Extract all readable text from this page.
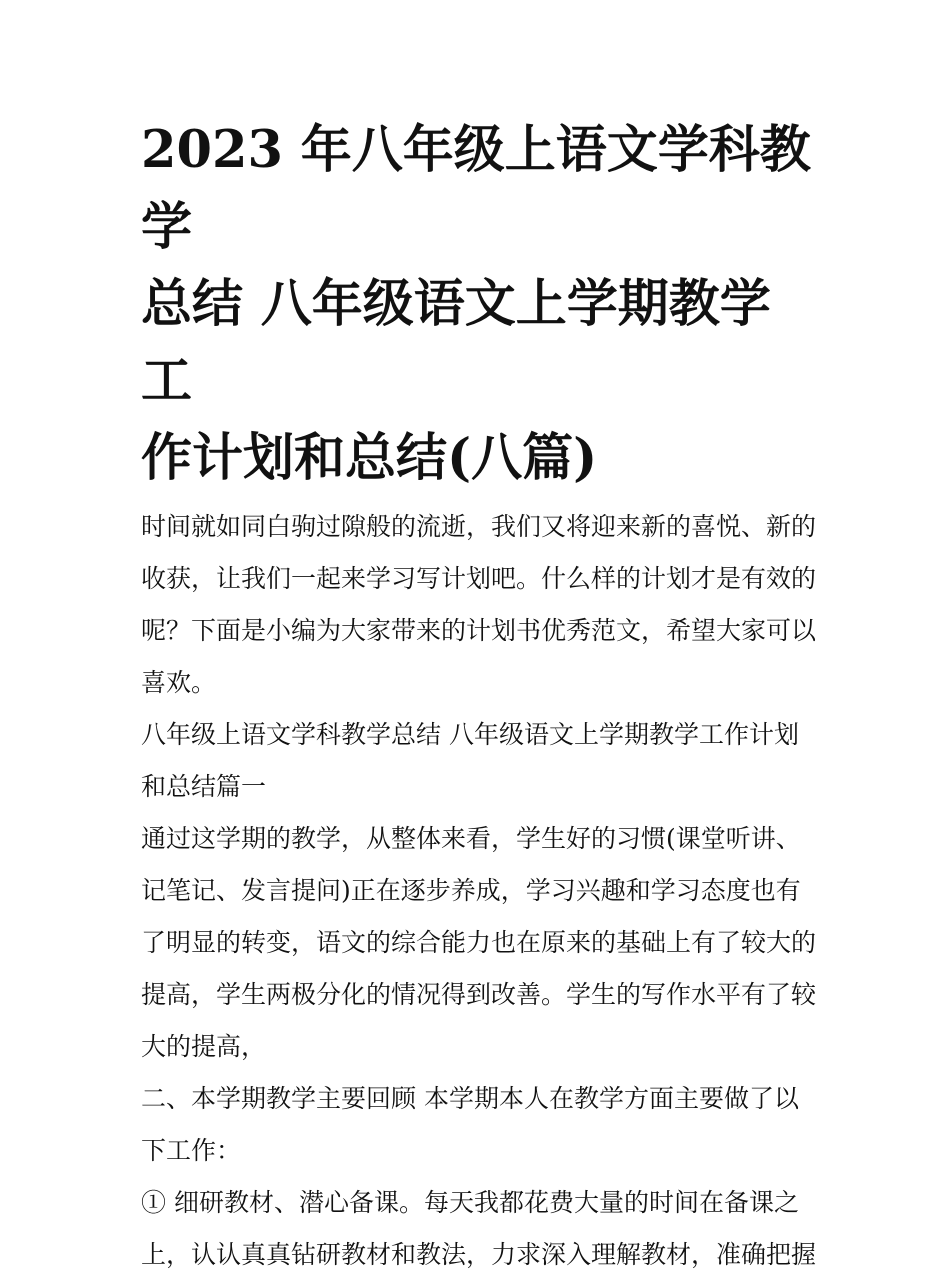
2023 年八年级上语文学科教学
总结 八年级语文上学期教学工
作计划和总结(八篇)
时间就如同白驹过隙般的流逝，我们又将迎来新的喜悦、新的
收获，让我们一起来学习写计划吧。什么样的计划才是有效的
呢？下面是小编为大家带来的计划书优秀范文，希望大家可以
喜欢。
八年级上语文学科教学总结 八年级语文上学期教学工作计划
和总结篇一
通过这学期的教学，从整体来看，学生好的习惯(课堂听讲、
记笔记、发言提问)正在逐步养成，学习兴趣和学习态度也有
了明显的转变，语文的综合能力也在原来的基础上有了较大的
提高，学生两极分化的情况得到改善。学生的写作水平有了较
大的提高，
二、本学期教学主要回顾 本学期本人在教学方面主要做了以
下工作：
① 细研教材、潜心备课。每天我都花费大量的时间在备课之
上，认认真真钻研教材和教法，力求深入理解教材，准确把握
